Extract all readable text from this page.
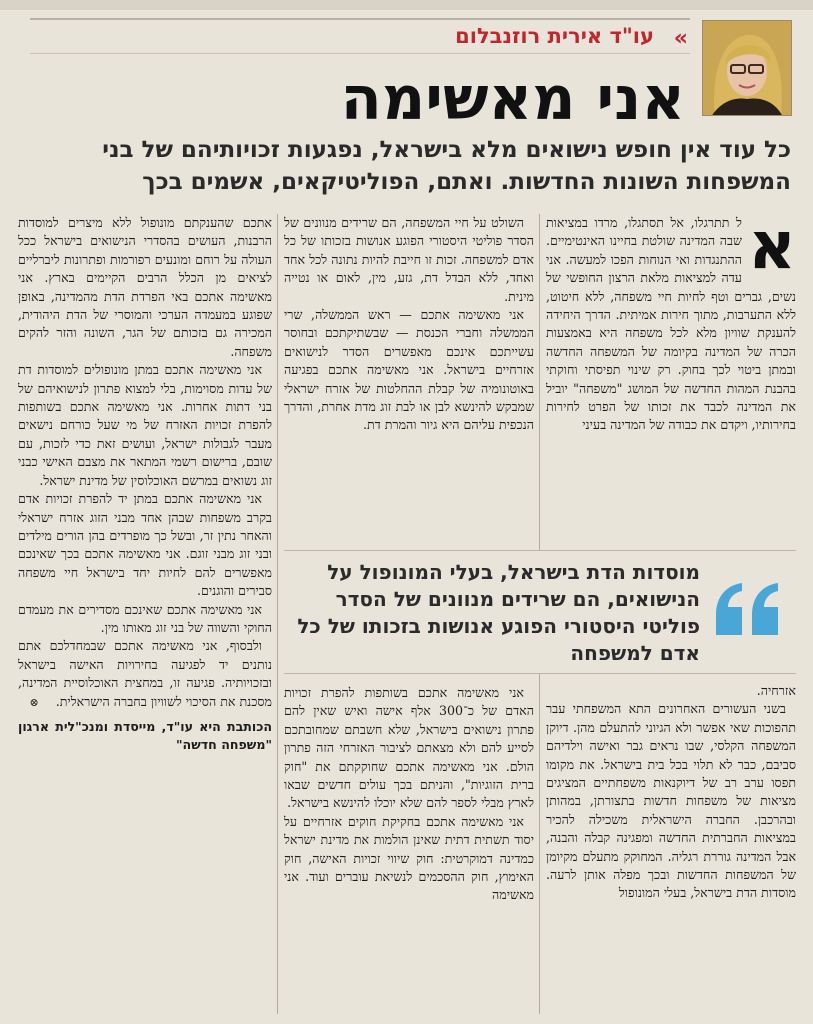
»
עו"ד אירית רוזנבלום
אני מאשימה
כל עוד אין חופש נישואים מלא בישראל, נפגעות זכויותיהם של בני המשפחות השונות החדשות. ואתם, הפוליטיקאים, אשמים בכך
א
ל תתרגלו, אל תסתגלו, מרדו במציאות שבה המדינה שולטת בחיינו האינטימיים. ההתנגדות ואי הנוחות הפכו למעשה. אני עדה למציאות מלאת הרצון החופשי של נשים, גברים וטף לחיות חיי משפחה, ללא חיטוט, ללא התערבות, מתוך חירות אמיתית. הדרך היחידה להענקת שוויון מלא לכל משפחה היא באמצעות הכרה של המדינה בקיומה של המשפחה החדשה ובמתן ביטוי לכך בחוק. רק שינוי תפיסתי וחוקתי בהבנת המהות החדשה של המושג "משפחה" יוביל את המדינה לכבד את זכותו של הפרט לחירות בחירותיו, ויקדם את כבודה של המדינה בעיני

השולט על חיי המשפחה, הם שרידים מנוונים של הסדר פוליטי היסטורי הפוגע אנושות בזכותו של כל אדם למשפחה. זכות זו חייבת להיות נתונה לכל אחד ואחד, ללא הבדל דת, גזע, מין, לאום או נטייה מינית.

אני מאשימה אתכם — ראש הממשלה, שרי הממשלה וחברי הכנסת — שבשתיקתכם ובחוסר עשייתכם אינכם מאפשרים הסדר לנישואים אזרחיים בישראל. אני מאשימה אתכם בפגיעה באוטונומיה של קבלת ההחלטות של אזרח ישראלי שמבקש להינשא לבן או לבת זוג מדת אחרת, והדרך הנכפית עליהם היא גיור והמרת דת.

מוסדות הדת בישראל, בעלי המונופול על הנישואים, הם שרידים מנוונים של הסדר פוליטי היסטורי הפוגע אנושות בזכותו של כל אדם למשפחה

אזרחיה.

בשני העשורים האחרונים התא המשפחתי עבר תהפוכות שאי אפשר ולא הגיוני להתעלם מהן. דיוקן המשפחה הקלסי, שבו נראים גבר ואישה וילדיהם סביבם, כבר לא תלוי בכל בית בישראל. את מקומו תפסו ערב רב של דיוקנאות משפחתיים המציגים מציאות של משפחות חדשות בתצורתן, במהותן ובהרכבן. החברה הישראלית משכילה להכיר במציאות החברתית החדשה ומפגינה קבלה והבנה, אבל המדינה גוררת רגליה. המחוקק מתעלם מקיומן של המשפחות החדשות ובכך מפלה אותן לרעה. מוסדות הדת בישראל, בעלי המונופול

אני מאשימה אתכם בשותפות להפרת זכויות האדם של כ־300 אלף אישה ואיש שאין להם פתרון נישואים בישראל, שלא חשבתם שמחובתכם לסייע להם ולא מצאתם לציבור האזרחי הזה פתרון הולם. אני מאשימה אתכם שחוקקתם את "חוק ברית הזוגיות", והניתם בכך עולים חדשים שבאו לארץ מבלי לספר להם שלא יוכלו להינשא בישראל.

אני מאשימה אתכם בחקיקת חוקים אזרחיים על יסוד תשתית דתית שאינן הולמות את מדינת ישראל כמדינה דמוקרטית: חוק שיווי זכויות האישה, חוק האימוץ, חוק ההסכמים לנשיאת עוברים ועוד. אני מאשימה

אתכם שהענקתם מונופול ללא מיצרים למוסדות הרבנות, העושים בהסדרי הנישואים בישראל ככל העולה על רוחם ומונעים רפורמות ופתרונות ליברליים לציאים מן הכלל הרבים הקיימים בארץ. אני מאשימה אתכם באי הפרדת הדת מהמדינה, באופן שפוגע במעמדה הערכי והמוסרי של הדת היהודית, המכירה גם בזכותם של הגר, השונה והזר להקים משפחה.

אני מאשימה אתכם במתן מונופולים למוסדות דת של עדות מסוימות, בלי למצוא פתרון לנישואיהם של בני דתות אחרות. אני מאשימה אתכם בשותפות להפרת זכויות האזרח של מי שעל כורחם נישאים מעבר לגבולות ישראל, ועושים זאת כדי לזכות, עם שובם, ברישום רשמי המתאר את מצבם האישי כבני זוג נשואים במרשם האוכלוסין של מדינת ישראל.

אני מאשימה אתכם במתן יד להפרת זכויות אדם בקרב משפחות שבהן אחד מבני הזוג אזרח ישראלי והאחר נתין זר, ובשל כך מופרדים בהן הורים מילדים ובני זוג מבני זוגם. אני מאשימה אתכם בכך שאינכם מאפשרים להם לחיות יחד בישראל חיי משפחה סבירים והוגנים.

אני מאשימה אתכם שאינכם מסדירים את מעמדם החוקי והשווה של בני זוג מאותו מין.

ולבסוף, אני מאשימה אתכם שבמחדלכם אתם נותנים יד לפגיעה בחירויות האישה בישראל ובזכויותיה. פגיעה זו, במחצית האוכלוסיית המדינה, מסכנת את הסיכוי לשוויון בחברה הישראלית. ⊗

הכותבת היא עו"ד, מייסדת ומנכ"לית ארגון "משפחה חדשה"
